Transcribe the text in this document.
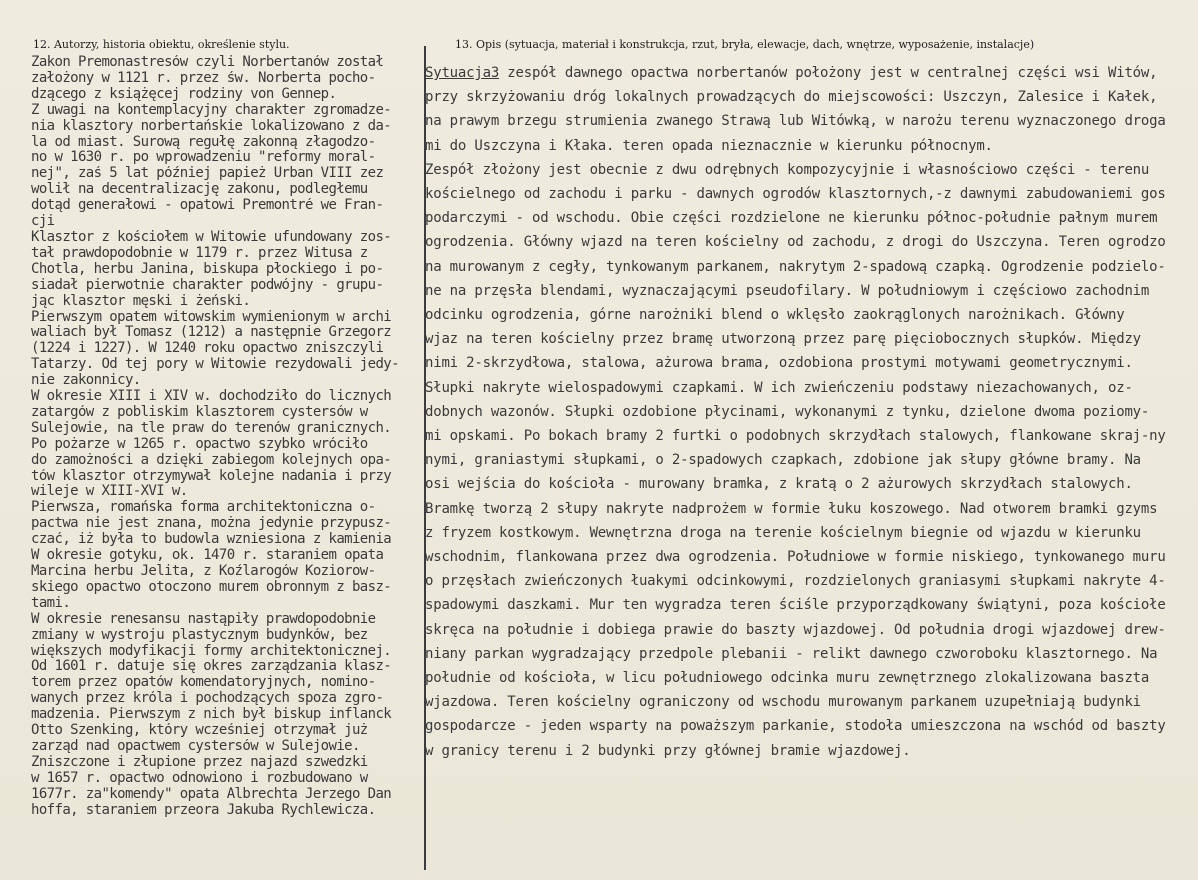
12. Autorzy, historia obiektu, określenie stylu.	13. Opis (sytuacja, materiał i konstrukcja, rzut, bryła, elewacje, dach, wnętrze, wyposażenie, instalacje)
Zakon Premonastresów czyli Norbertanów został
założony w 1121 r. przez św. Norberta pocho-
dzącego z książęcej rodziny von Gennep.
Z uwagi na kontemplacyjny charakter zgromadze-
nia klasztory norbertańskie lokalizowano z da-
la od miast. Surową regułę zakonną złagodzo-
no w 1630 r. po wprowadzeniu "reformy moral-
nej", zaś 5 lat później papież Urban VIII zez
wolił na decentralizację zakonu, podległemu
dotąd generałowi - opatowi Premontré we Fran-
cji
Klasztor z kościołem w Witowie ufundowany zos-
tał prawdopodobnie w 1179 r. przez Witusa z
Chotla, herbu Janina, biskupa płockiego i po-
siadał pierwotnie charakter podwójny - grupu-
jąc klasztor męski i żeński.
Pierwszym opatem witowskim wymienionym w archi
waliach był Tomasz (1212) a następnie Grzegorz
(1224 i 1227). W 1240 roku opactwo zniszczyli
Tatarzy. Od tej pory w Witowie rezydowali jedy-
nie zakonnicy.
W okresie XIII i XIV w. dochodziło do licznych
zatargów z pobliskim klasztorem cystersów w
Sulejowie, na tle praw do terenów granicznych.
Po pożarze w 1265 r. opactwo szybko wróciło
do zamożności a dzięki zabiegom kolejnych opa-
tów klasztor otrzymywał kolejne nadania i przy
wileje w XIII-XVI w.
Pierwsza, romańska forma architektoniczna o-
pactwa nie jest znana, można jedynie przypusz-
czać, iż była to budowla wzniesiona z kamienia
W okresie gotyku, ok. 1470 r. staraniem opata
Marcina herbu Jelita, z Koźlarogów Koziorow-
skiego opactwo otoczono murem obronnym z basz-
tami.
W okresie renesansu nastąpiły prawdopodobnie
zmiany w wystroju plastycznym budynków, bez
większych modyfikacji formy architektonicznej.
Od 1601 r. datuje się okres zarządzania klasz-
torem przez opatów komendatoryjnych, nomino-
wanych przez króla i pochodzących spoza zgro-
madzenia. Pierwszym z nich był biskup inflanck
Otto Szenking, który wcześniej otrzymał już
zarząd nad opactwem cystersów w Sulejowie.
Zniszczone i złupione przez najazd szwedzki
w 1657 r. opactwo odnowiono i rozbudowano w
1677r. za"komendy" opata Albrechta Jerzego Dan
hoffa, staraniem przeora Jakuba Rychlewicza.
Sytuacja3 zespół dawnego opactwa norbertanów położony jest w centralnej części wsi Witów,
przy skrzyżowaniu dróg lokalnych prowadzących do miejscowości: Uszczyn, Zalesice i Kałek,
na prawym brzegu strumienia zwanego Strawą lub Witówką, w narożu terenu wyznaczonego droga
mi do Uszczyna i Kłaka. teren opada nieznacznie w kierunku północnym.
Zespół złożony jest obecnie z dwu odrębnych kompozycyjnie i własnościowo części - terenu
kościelnego od zachodu i parku - dawnych ogrodów klasztornych,-z dawnymi zabudowaniemi gos
podarczymi - od wschodu. Obie części rozdzielone ne kierunku północ-południe pałnym murem
ogrodzenia. Główny wjazd na teren kościelny od zachodu, z drogi do Uszczyna. Teren ogrodzo
na murowanym z cegły, tynkowanym parkanem, nakrytym 2-spadową czapką. Ogrodzenie podzielo-
ne na przęsła blendami, wyznaczającymi pseudofilary. W południowym i częściowo zachodnim
odcinku ogrodzenia, górne narożniki blend o wklęsło zaokrąglonych narożnikach. Główny
wjaz na teren kościelny przez bramę utworzoną przez parę pięciobocznych słupków. Między
nimi 2-skrzydłowa, stalowa, ażurowa brama, ozdobiona prostymi motywami geometrycznymi.
Słupki nakryte wielospadowymi czapkami. W ich zwieńczeniu podstawy niezachowanych, oz-
dobnych wazonów. Słupki ozdobione płycinami, wykonanymi z tynku, dzielone dwoma poziomy-
mi opskami. Po bokach bramy 2 furtki o podobnych skrzydłach stalowych, flankowane skraj-ny
nymi, graniastymi słupkami, o 2-spadowych czapkach, zdobione jak słupy główne bramy. Na
osi wejścia do kościoła - murowany bramka, z kratą o 2 ażurowych skrzydłach stalowych.
Bramkę tworzą 2 słupy nakryte nadprożem w formie łuku koszowego. Nad otworem bramki gzyms
z fryzem kostkowym. Wewnętrzna droga na terenie kościelnym biegnie od wjazdu w kierunku
wschodnim, flankowana przez dwa ogrodzenia. Południowe w formie niskiego, tynkowanego muru
o przęsłach zwieńczonych łuakymi odcinkowymi, rozdzielonych graniasymi słupkami nakryte 4-
spadowymi daszkami. Mur ten wygradza teren ściśle przyporządkowany świątyni, poza kościołe
skręca na południe i dobiega prawie do baszty wjazdowej. Od południa drogi wjazdowej drew-
niany parkan wygradzający przedpole plebanii - relikt dawnego czworoboku klasztornego. Na
południe od kościoła, w licu południowego odcinka muru zewnętrznego zlokalizowana baszta
wjazdowa. Teren kościelny ograniczony od wschodu murowanym parkanem uzupełniają budynki
gospodarcze - jeden wsparty na poważszym parkanie, stodoła umieszczona na wschód od baszty
w granicy terenu i 2 budynki przy głównej bramie wjazdowej.
